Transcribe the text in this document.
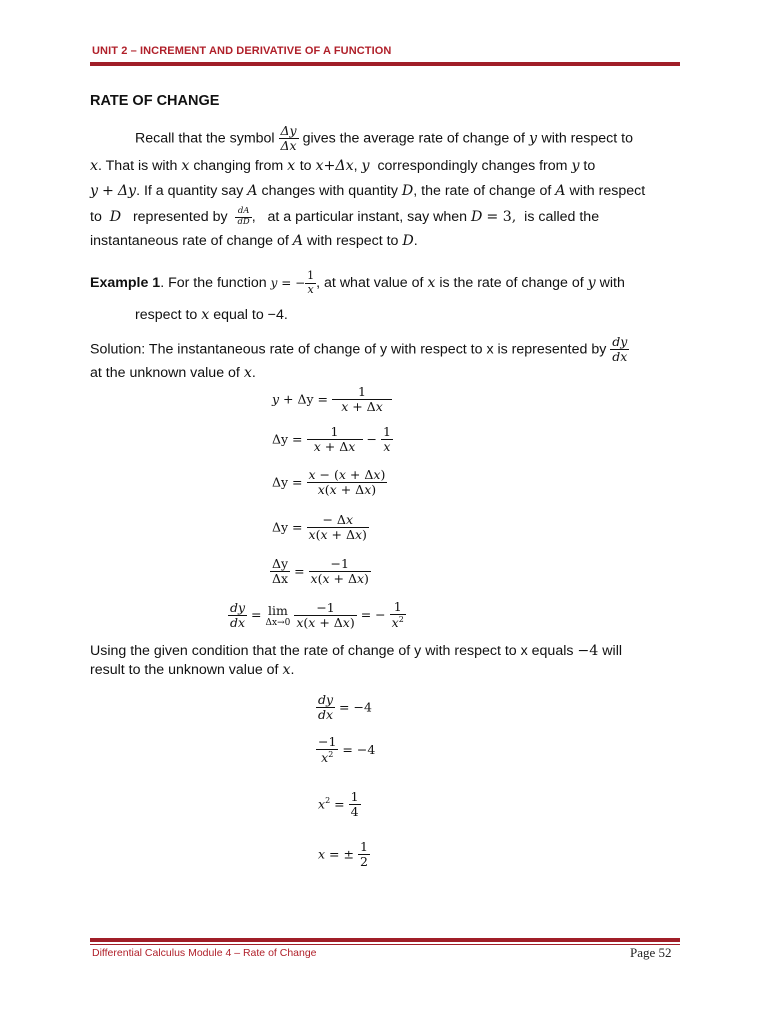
UNIT 2 – INCREMENT AND DERIVATIVE OF A FUNCTION
RATE OF CHANGE
Recall that the symbol $\frac{\Delta y}{\Delta x}$ gives the average rate of change of y with respect to
x. That is with x changing from x to x+Δx, y correspondingly changes from y to
y + Δy. If a quantity say A changes with quantity D, the rate of change of A with respect
to D represented by $\frac{dA}{dD}$ ,   at a particular instant, say when D = 3, is called the
instantaneous rate of change of A with respect to D.
Example 1. For the function y = − $\frac{1}{x}$ , at what value of x is the rate of change of y with
respect to x equal to −4.
Solution: The instantaneous rate of change of y with respect to x is represented by $\frac{dy}{dx}$
at the unknown value of x.
$y + \Delta y = \frac{1}{x + \Delta x}$
$\Delta y = \frac{1}{x + \Delta x} - \frac{1}{x}$
$\Delta y = \frac{x - (x + \Delta x)}{x(x + \Delta x)}$
$\Delta y = \frac{- \Delta x}{x(x + \Delta x)}$
$\frac{\Delta y}{\Delta x} = \frac{-1}{x(x + \Delta x)}$
$\frac{dy}{dx} = \lim$
Δx→0
$\frac{-1}{x(x + \Delta x)}$ = − $\frac{1}{x^2}$
Using the given condition that the rate of change of y with respect to x equals −4 will
result to the unknown value of x.
$\frac{dy}{dx} = -4$
$\frac{-1}{x^2} = -4$
$x^2 = \frac{1}{4}$
x = ± $\frac{1}{2}$
Differential Calculus Module 4 – Rate of Change	Page 52
